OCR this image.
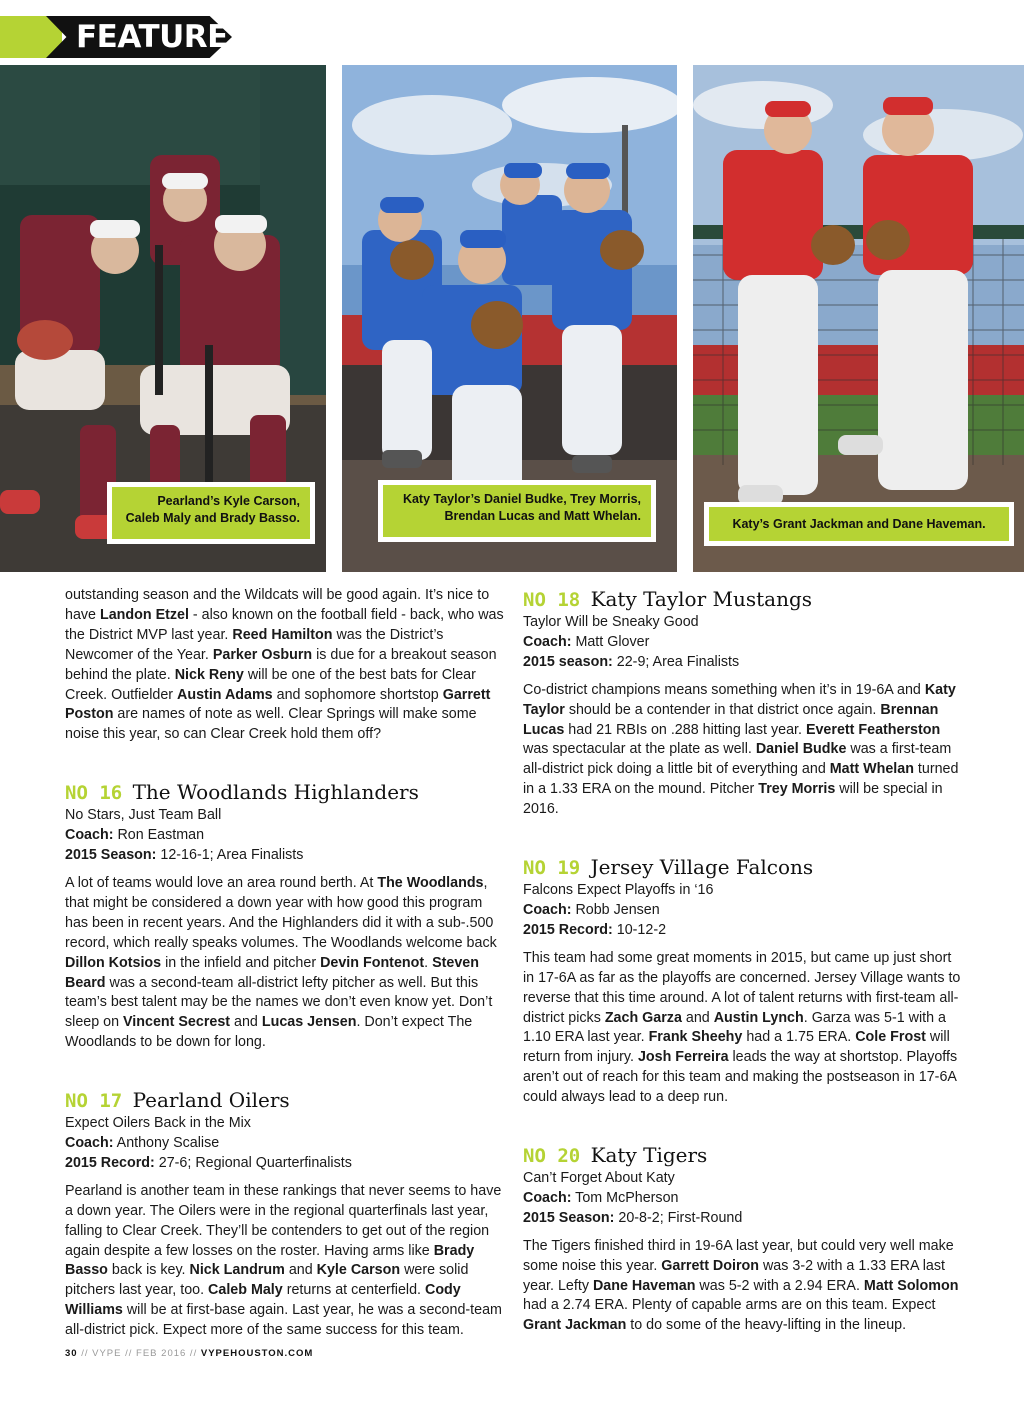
FEATURE
Pearland’s Kyle Carson,
Caleb Maly and Brady Basso.
Katy Taylor’s Daniel Budke, Trey Morris,
Brendan Lucas and Matt Whelan.
Katy’s Grant Jackman and Dane Haveman.

outstanding season and the Wildcats will be good again. It’s nice to have Landon Etzel - also known on the football field - back, who was the District MVP last year. Reed Hamilton was the District’s Newcomer of the Year. Parker Osburn is due for a breakout season behind the plate. Nick Reny will be one of the best bats for Clear Creek. Outfielder Austin Adams and sophomore shortstop Garrett Poston are names of note as well. Clear Springs will make some noise this year, so can Clear Creek hold them off?

NO 16 The Woodlands Highlanders

No Stars, Just Team Ball

Coach: Ron Eastman

2015 Season: 12-16-1; Area Finalists

A lot of teams would love an area round berth. At The Woodlands, that might be considered a down year with how good this program has been in recent years. And the Highlanders did it with a sub-.500 record, which really speaks volumes. The Woodlands welcome back Dillon Kotsios in the infield and pitcher Devin Fontenot. Steven Beard was a second-team all-district lefty pitcher as well. But this team’s best talent may be the names we don’t even know yet. Don’t sleep on Vincent Secrest and Lucas Jensen. Don’t expect The Woodlands to be down for long.

NO 17 Pearland Oilers

Expect Oilers Back in the Mix

Coach: Anthony Scalise

2015 Record: 27-6; Regional Quarterfinalists

Pearland is another team in these rankings that never seems to have a down year. The Oilers were in the regional quarterfinals last year, falling to Clear Creek. They’ll be contenders to get out of the region again despite a few losses on the roster. Having arms like Brady Basso back is key. Nick Landrum and Kyle Carson were solid pitchers last year, too. Caleb Maly returns at centerfield. Cody Williams will be at first-base again. Last year, he was a second-team all-district pick. Expect more of the same success for this team.

NO 18 Katy Taylor Mustangs

Taylor Will be Sneaky Good

Coach: Matt Glover

2015 season: 22-9; Area Finalists

Co-district champions means something when it’s in 19-6A and Katy Taylor should be a contender in that district once again. Brennan Lucas had 21 RBIs on .288 hitting last year. Everett Featherston was spectacular at the plate as well. Daniel Budke was a first-team all-district pick doing a little bit of everything and Matt Whelan turned in a 1.33 ERA on the mound. Pitcher Trey Morris will be special in 2016.

NO 19 Jersey Village Falcons

Falcons Expect Playoffs in ‘16

Coach: Robb Jensen

2015 Record: 10-12-2

This team had some great moments in 2015, but came up just short in 17-6A as far as the playoffs are concerned. Jersey Village wants to reverse that this time around. A lot of talent returns with first-team all-district picks Zach Garza and Austin Lynch. Garza was 5-1 with a 1.10 ERA last year. Frank Sheehy had a 1.75 ERA. Cole Frost will return from injury. Josh Ferreira leads the way at shortstop. Playoffs aren’t out of reach for this team and making the postseason in 17-6A could always lead to a deep run.

NO 20 Katy Tigers

Can’t Forget About Katy

Coach: Tom McPherson

2015 Season: 20-8-2; First-Round

The Tigers finished third in 19-6A last year, but could very well make some noise this year. Garrett Doiron was 3-2 with a 1.33 ERA last year. Lefty Dane Haveman was 5-2 with a 2.94 ERA. Matt Solomon had a 2.74 ERA. Plenty of capable arms are on this team. Expect Grant Jackman to do some of the heavy-lifting in the lineup.

30 // VYPE // FEB 2016 // VYPEHOUSTON.COM
